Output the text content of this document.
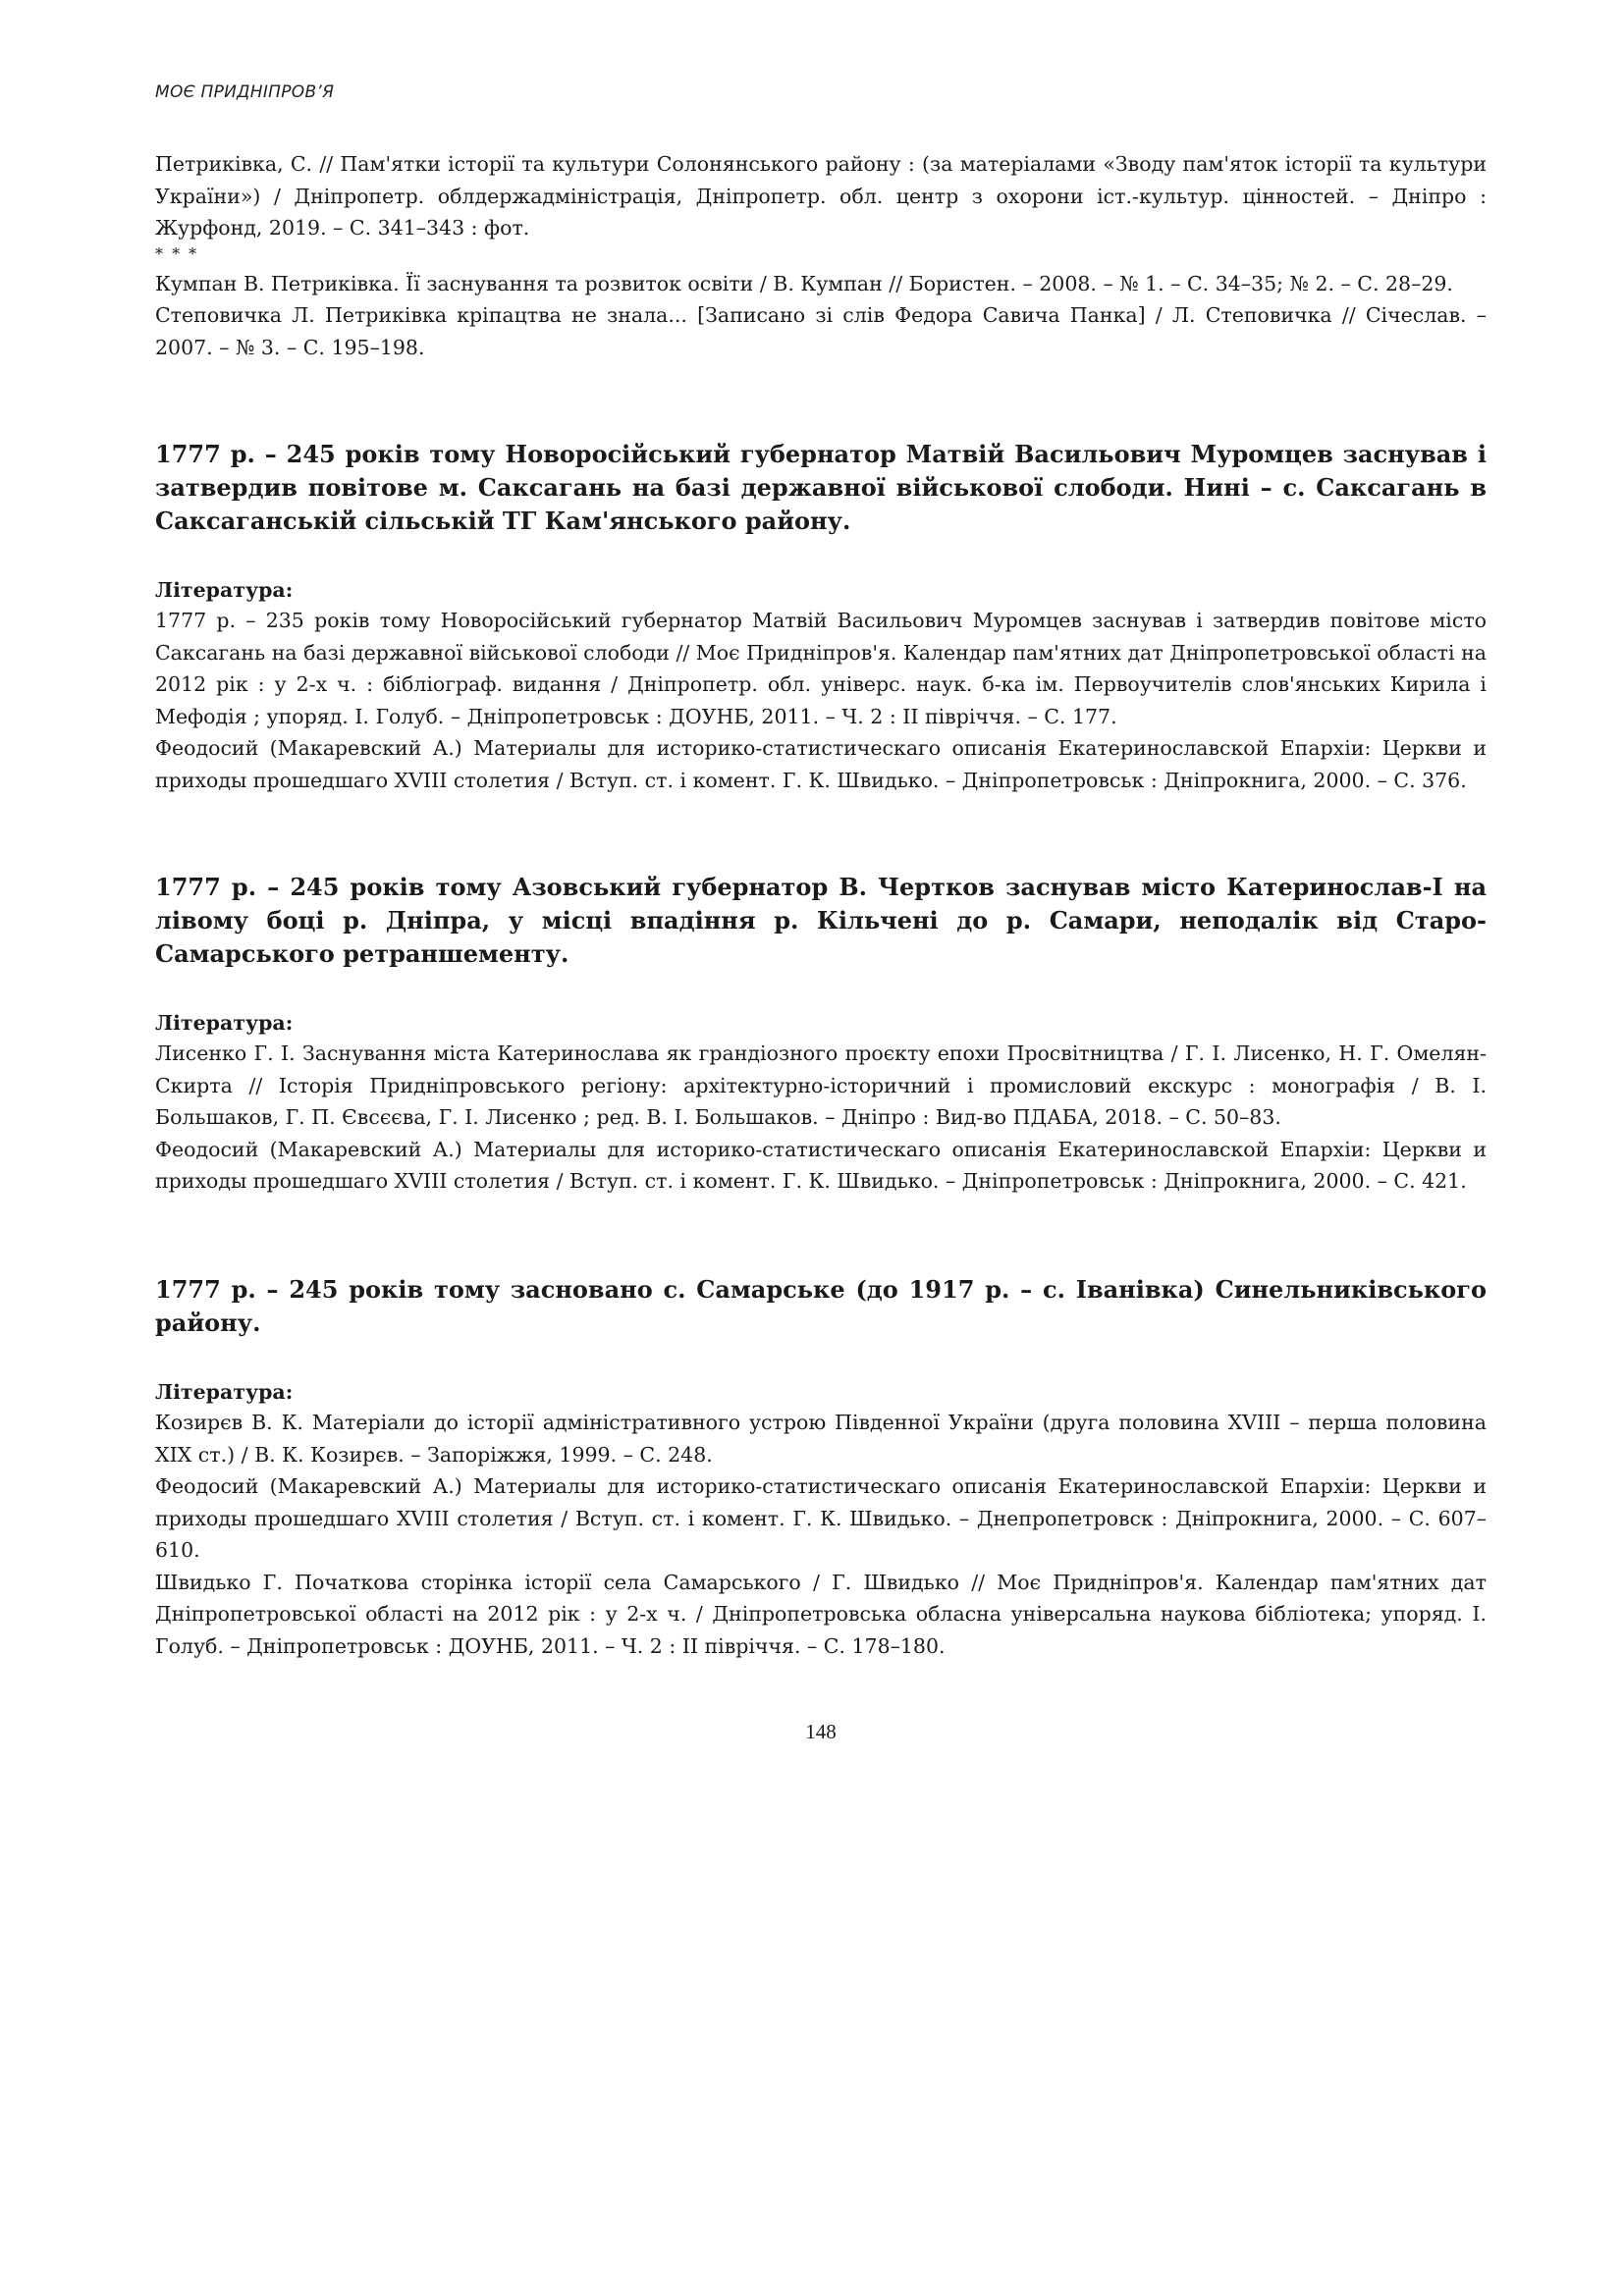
МОЄ ПРИДНІПРОВ’Я

Петриківка, С. // Пам'ятки історії та культури Солонянського району : (за матеріалами «Зводу пам'яток історії та культури України») / Дніпропетр. облдержадміністрація, Дніпропетр. обл. центр з охорони іст.-культур. цінностей. – Дніпро : Журфонд, 2019. – С. 341–343 : фот.

* * *

Кумпан В. Петриківка. Її заснування та розвиток освіти / В. Кумпан // Бористен. – 2008. – № 1. – С. 34–35; № 2. – С. 28–29.

Степовичка Л. Петриківка кріпацтва не знала... [Записано зі слів Федора Савича Панка] / Л. Степовичка // Січеслав. – 2007. – № 3. – С. 195–198.

1777 р. – 245 років тому Новоросійський губернатор Матвій Васильович Муромцев заснував і затвердив повітове м. Саксагань на базі державної військової слободи. Нині – с. Саксагань в Саксаганській сільській ТГ Кам'янського району.
Література:

1777 р. – 235 років тому Новоросійський губернатор Матвій Васильович Муромцев заснував і затвердив повітове місто Саксагань на базі державної військової слободи // Моє Придніпров'я. Календар пам'ятних дат Дніпропетровської області на 2012 рік : у 2-х ч. : бібліограф. видання / Дніпропетр. обл. універс. наук. б-ка ім. Первоучителів слов'янських Кирила і Мефодія ; упоряд. І. Голуб. – Дніпропетровськ : ДОУНБ, 2011. – Ч. 2 : II півріччя. – С. 177.

Феодосий (Макаревский А.) Материалы для историко-статистическаго описанія Екатеринославской Епархіи: Церкви и приходы прошедшаго XVIII столетия / Вступ. ст. і комент. Г. К. Швидько. – Дніпропетровськ : Дніпрокнига, 2000. – С. 376.

1777 р. – 245 років тому Азовський губернатор В. Чертков заснував місто Катеринослав-І на лівому боці р. Дніпра, у місці впадіння р. Кільчені до р. Самари, неподалік від Старо-Самарського ретраншементу.
Література:

Лисенко Г. І. Заснування міста Катеринослава як грандіозного проєкту епохи Просвітництва / Г. І. Лисенко, Н. Г. Омелян-Скирта // Історія Придніпровського регіону: архітектурно-історичний і промисловий екскурс : монографія / В. І. Большаков, Г. П. Євсєєва, Г. І. Лисенко ; ред. В. І. Большаков. – Дніпро : Вид-во ПДАБА, 2018. – С. 50–83.

Феодосий (Макаревский А.) Материалы для историко-статистическаго описанія Екатеринославской Епархіи: Церкви и приходы прошедшаго XVIII столетия / Вступ. ст. і комент. Г. К. Швидько. – Дніпропетровськ : Дніпрокнига, 2000. – С. 421.

1777 р. – 245 років тому засновано с. Самарське (до 1917 р. – с. Іванівка) Синельниківського району.
Література:

Козирєв В. К. Матеріали до історії адміністративного устрою Південної України (друга половина XVIII – перша половина XIX ст.) / В. К. Козирєв. – Запоріжжя, 1999. – С. 248.

Феодосий (Макаревский А.) Материалы для историко-статистическаго описанія Екатеринославской Епархіи: Церкви и приходы прошедшаго XVIII столетия / Вступ. ст. і комент. Г. К. Швидько. – Днепропетровск : Дніпрокнига, 2000. – С. 607–610.

Швидько Г. Початкова сторінка історії села Самарського / Г. Швидько // Моє Придніпров'я. Календар пам'ятних дат Дніпропетровської області на 2012 рік : у 2-х ч. / Дніпропетровська обласна універсальна наукова бібліотека; упоряд. І. Голуб. – Дніпропетровськ : ДОУНБ, 2011. – Ч. 2 : II півріччя. – С. 178–180.

148
